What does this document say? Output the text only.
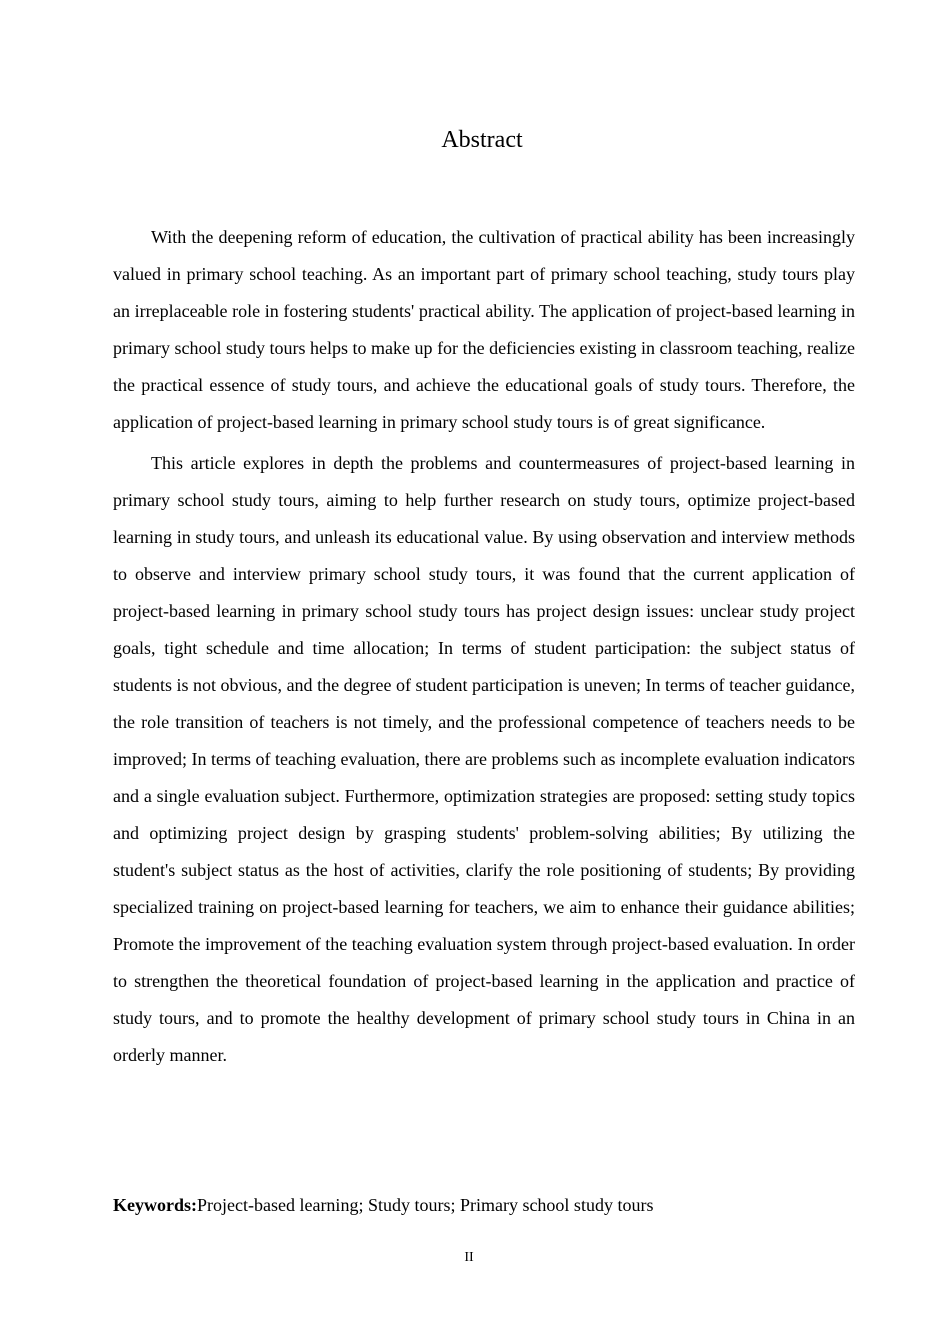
Abstract

With the deepening reform of education, the cultivation of practical ability has been increasingly valued in primary school teaching. As an important part of primary school teaching, study tours play an irreplaceable role in fostering students' practical ability. The application of project-based learning in primary school study tours helps to make up for the deficiencies existing in classroom teaching, realize the practical essence of study tours, and achieve the educational goals of study tours. Therefore, the application of project-based learning in primary school study tours is of great significance.

This article explores in depth the problems and countermeasures of project-based learning in primary school study tours, aiming to help further research on study tours, optimize project-based learning in study tours, and unleash its educational value. By using observation and interview methods to observe and interview primary school study tours, it was found that the current application of project-based learning in primary school study tours has project design issues: unclear study project goals, tight schedule and time allocation; In terms of student participation: the subject status of students is not obvious, and the degree of student participation is uneven; In terms of teacher guidance, the role transition of teachers is not timely, and the professional competence of teachers needs to be improved; In terms of teaching evaluation, there are problems such as incomplete evaluation indicators and a single evaluation subject. Furthermore, optimization strategies are proposed: setting study topics and optimizing project design by grasping students' problem-solving abilities; By utilizing the student's subject status as the host of activities, clarify the role positioning of students; By providing specialized training on project-based learning for teachers, we aim to enhance their guidance abilities; Promote the improvement of the teaching evaluation system through project-based evaluation. In order to strengthen the theoretical foundation of project-based learning in the application and practice of study tours, and to promote the healthy development of primary school study tours in China in an orderly manner.

Keywords:Project-based learning; Study tours; Primary school study tours
II
